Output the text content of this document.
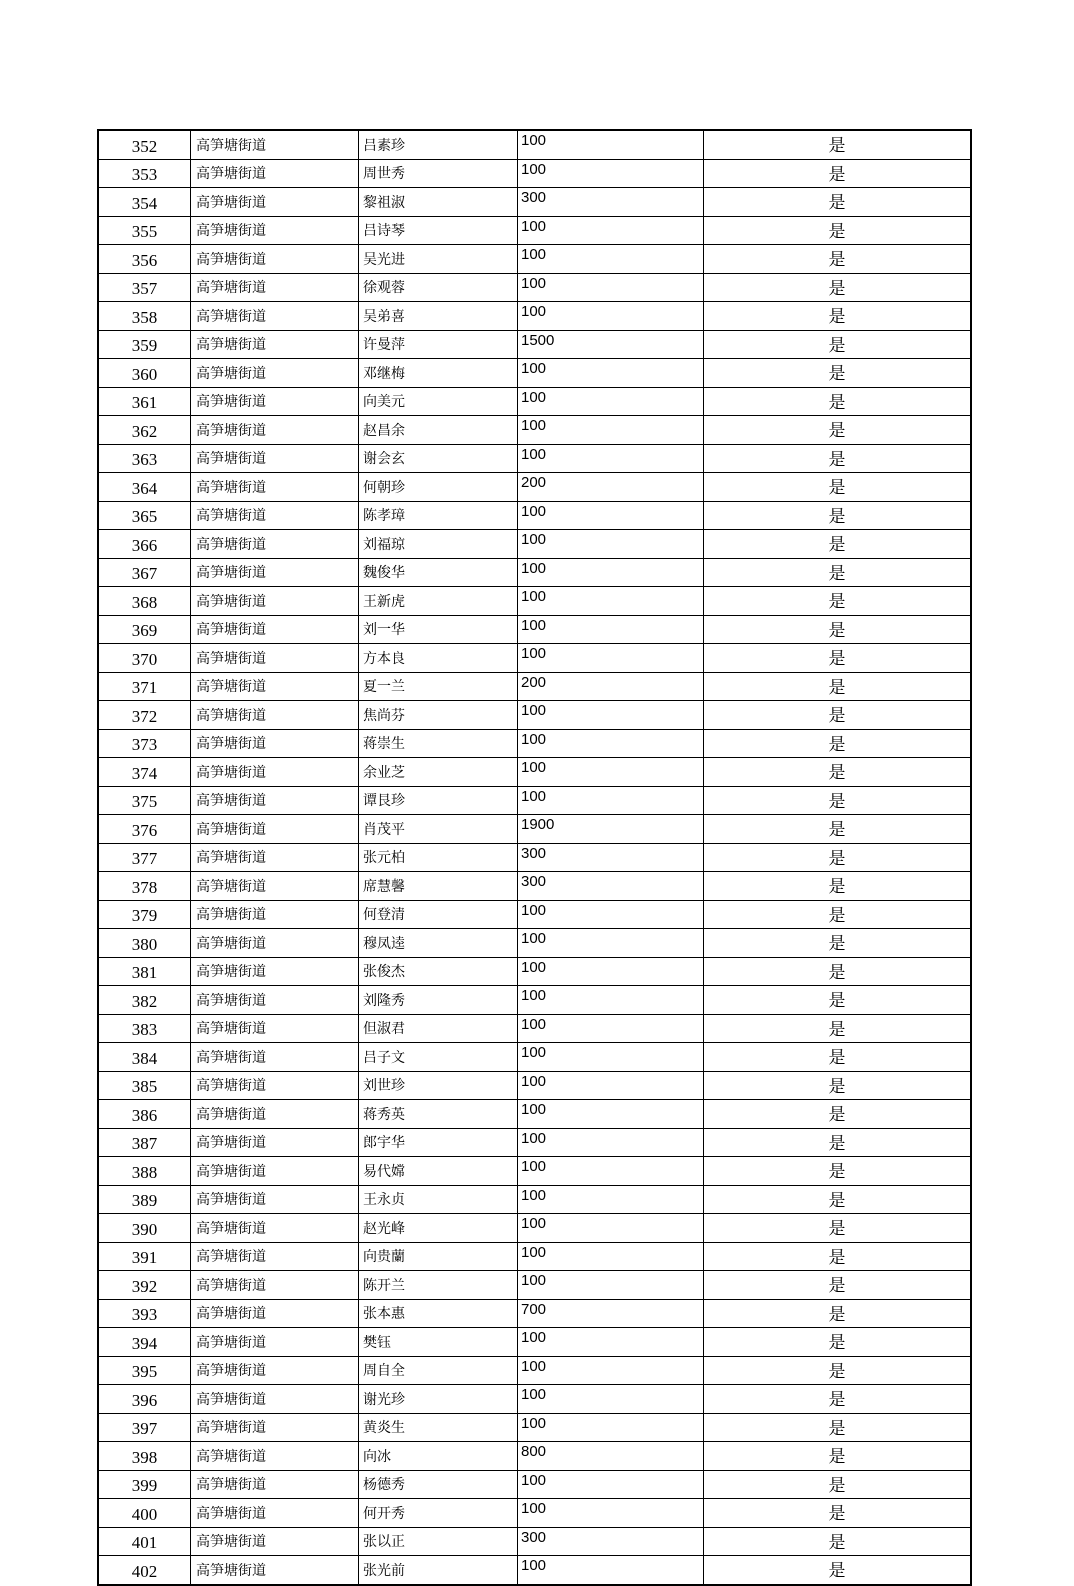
352	高笋塘街道	吕素珍	100	是
353	高笋塘街道	周世秀	100	是
354	高笋塘街道	黎祖淑	300	是
355	高笋塘街道	吕诗琴	100	是
356	高笋塘街道	吴光进	100	是
357	高笋塘街道	徐观蓉	100	是
358	高笋塘街道	吴弟喜	100	是
359	高笋塘街道	许曼萍	1500	是
360	高笋塘街道	邓继梅	100	是
361	高笋塘街道	向美元	100	是
362	高笋塘街道	赵昌余	100	是
363	高笋塘街道	谢会玄	100	是
364	高笋塘街道	何朝珍	200	是
365	高笋塘街道	陈孝璋	100	是
366	高笋塘街道	刘福琼	100	是
367	高笋塘街道	魏俊华	100	是
368	高笋塘街道	王新虎	100	是
369	高笋塘街道	刘一华	100	是
370	高笋塘街道	方本良	100	是
371	高笋塘街道	夏一兰	200	是
372	高笋塘街道	焦尚芬	100	是
373	高笋塘街道	蒋崇生	100	是
374	高笋塘街道	余业芝	100	是
375	高笋塘街道	谭艮珍	100	是
376	高笋塘街道	肖茂平	1900	是
377	高笋塘街道	张元柏	300	是
378	高笋塘街道	席慧馨	300	是
379	高笋塘街道	何登清	100	是
380	高笋塘街道	穆凤逵	100	是
381	高笋塘街道	张俊杰	100	是
382	高笋塘街道	刘隆秀	100	是
383	高笋塘街道	但淑君	100	是
384	高笋塘街道	吕子文	100	是
385	高笋塘街道	刘世珍	100	是
386	高笋塘街道	蒋秀英	100	是
387	高笋塘街道	郎宇华	100	是
388	高笋塘街道	易代嫦	100	是
389	高笋塘街道	王永贞	100	是
390	高笋塘街道	赵光峰	100	是
391	高笋塘街道	向贵蘭	100	是
392	高笋塘街道	陈开兰	100	是
393	高笋塘街道	张本惠	700	是
394	高笋塘街道	樊钰	100	是
395	高笋塘街道	周自全	100	是
396	高笋塘街道	谢光珍	100	是
397	高笋塘街道	黄炎生	100	是
398	高笋塘街道	向冰	800	是
399	高笋塘街道	杨德秀	100	是
400	高笋塘街道	何开秀	100	是
401	高笋塘街道	张以正	300	是
402	高笋塘街道	张光前	100	是
